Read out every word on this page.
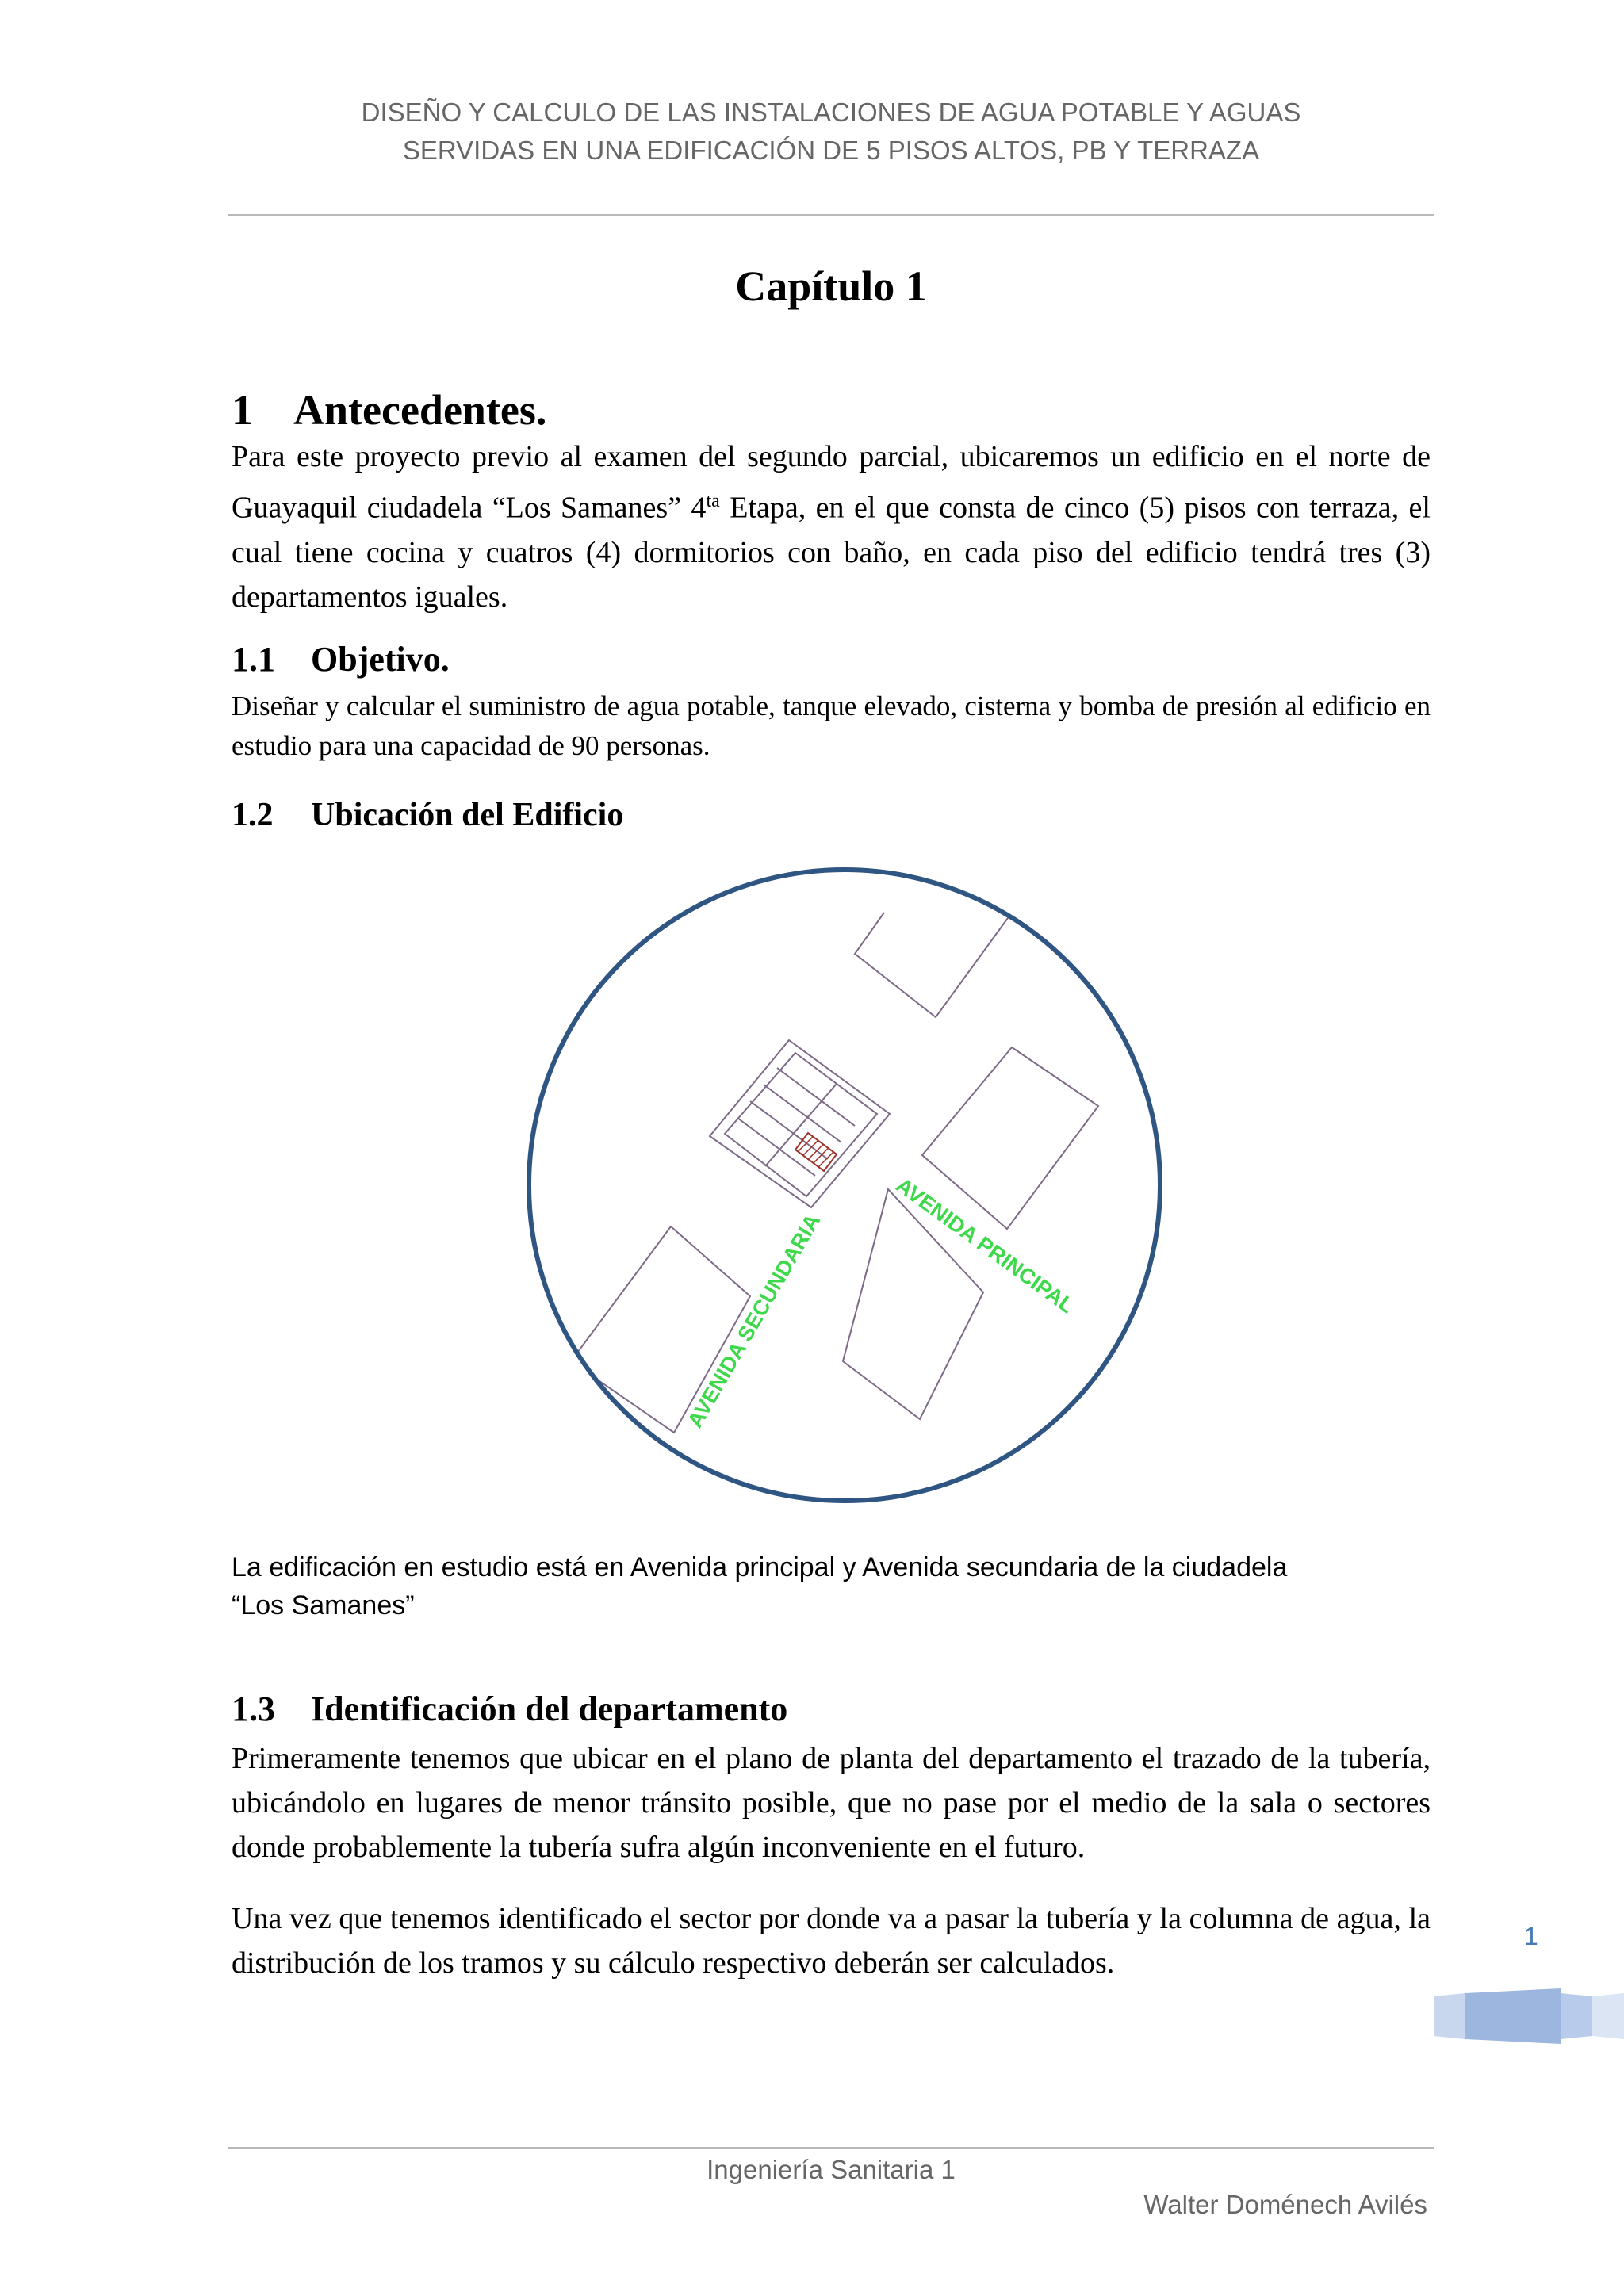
DISEÑO Y CALCULO DE LAS INSTALACIONES DE AGUA POTABLE Y AGUAS
SERVIDAS EN UNA EDIFICACIÓN DE 5 PISOS ALTOS, PB Y TERRAZA
Capítulo 1
1 Antecedentes.
Para este proyecto previo al examen del segundo parcial, ubicaremos un edificio en el norte de Guayaquil ciudadela “Los Samanes” $4^{ta}$ Etapa, en el que consta de cinco (5) pisos con terraza, el cual tiene cocina y cuatros (4) dormitorios con baño, en cada piso del edificio tendrá tres (3) departamentos iguales.
1.1 Objetivo.
Diseñar y calcular el suministro de agua potable, tanque elevado, cisterna y bomba de presión al edificio en estudio para una capacidad de 90 personas.
1.2 Ubicación del Edificio
AVENIDA PRINCIPAL
AVENIDA SECUNDARIA
La edificación en estudio está en Avenida principal y Avenida secundaria de la ciudadela
“Los Samanes”
1.3 Identificación del departamento
Primeramente tenemos que ubicar en el plano de planta del departamento el trazado de la tubería, ubicándolo en lugares de menor tránsito posible, que no pase por el medio de la sala o sectores donde probablemente la tubería sufra algún inconveniente en el futuro.
Una vez que tenemos identificado el sector por donde va a pasar la tubería y la columna de agua, la distribución de los tramos y su cálculo respectivo deberán ser calculados.
1
Ingeniería Sanitaria 1
Walter Doménech Avilés
